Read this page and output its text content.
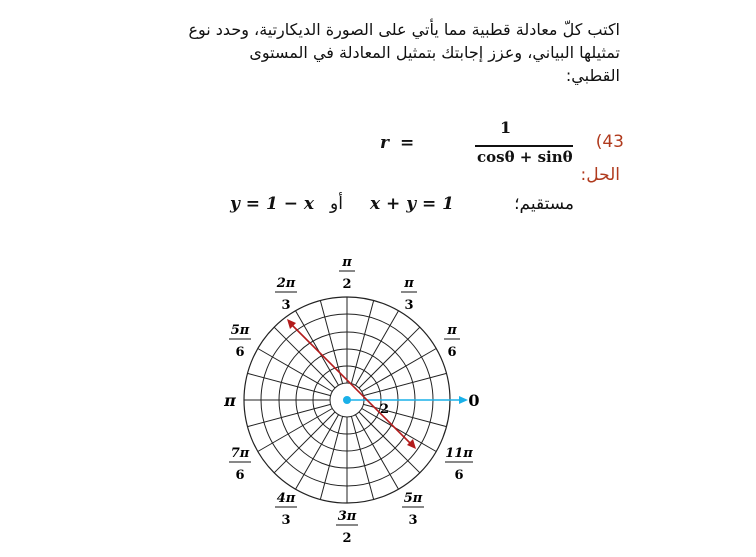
اكتب كلّ معادلة قطبية مما يأتي على الصورة الديكارتية، وحدد نوع

تمثيلها البياني، وعزز إجابتك بتمثيل المعادلة في المستوى

القطبي:

(43
r =
1
cosθ + sinθ
الحل:
مستقيم؛
x + y = 1
أو
y = 1 − x
2
π
2	π
3
2π
3
π
6
5π
6
0
π
11π
6
7π
6
5π
3
4π
3	3π
2
